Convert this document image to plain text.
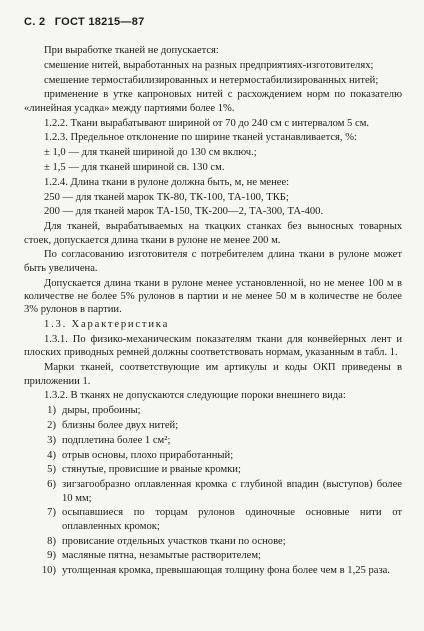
С. 2 ГОСТ 18215—87

При выработке тканей не допускается:

смешение нитей, выработанных на разных предприятиях-изготовителях;

смешение термостабилизированных и нетермостабилизированных нитей;

применение в утке капроновых нитей с расхождением норм по показателю «линейная усадка» между партиями более 1%.

1.2.2. Ткани вырабатывают шириной от 70 до 240 см с интервалом 5 см.

1.2.3. Предельное отклонение по ширине тканей устанавливается, %:

± 1,0 — для тканей шириной до 130 см включ.;

± 1,5 — для тканей шириной св. 130 см.

1.2.4. Длина ткани в рулоне должна быть, м, не менее:

250 — для тканей марок ТК-80, ТК-100, ТА-100, ТКБ;

200 — для тканей марок ТА-150, ТК-200—2, ТА-300, ТА-400.

Для тканей, вырабатываемых на ткацких станках без выносных товарных стоек, допускается длина ткани в рулоне не менее 200 м.

По согласованию изготовителя с потребителем длина ткани в рулоне может быть увеличена.

Допускается длина ткани в рулоне менее установленной, но не менее 100 м в количестве не более 5% рулонов в партии и не менее 50 м в количестве не более 3% рулонов в партии.

1.3. Характеристика

1.3.1. По физико-механическим показателям ткани для конвейерных лент и плоских приводных ремней должны соответствовать нормам, указанным в табл. 1.

Марки тканей, соответствующие им артикулы и коды ОКП приведены в приложении 1.

1.3.2. В тканях не допускаются следующие пороки внешнего вида:

1) дыры, пробоины;
2) близны более двух нитей;
3) подплетина более 1 см²;
4) отрыв основы, плохо приработанный;
5) стянутые, провисшие и рваные кромки;
6) зигзагообразно оплавленная кромка с глубиной впадин (выступов) более 10 мм;
7) осыпавшиеся по торцам рулонов одиночные основные нити от оплавленных кромок;
8) провисание отдельных участков ткани по основе;
9) масляные пятна, незамытые растворителем;
10) утолщенная кромка, превышающая толщину фона более чем в 1,25 раза.
